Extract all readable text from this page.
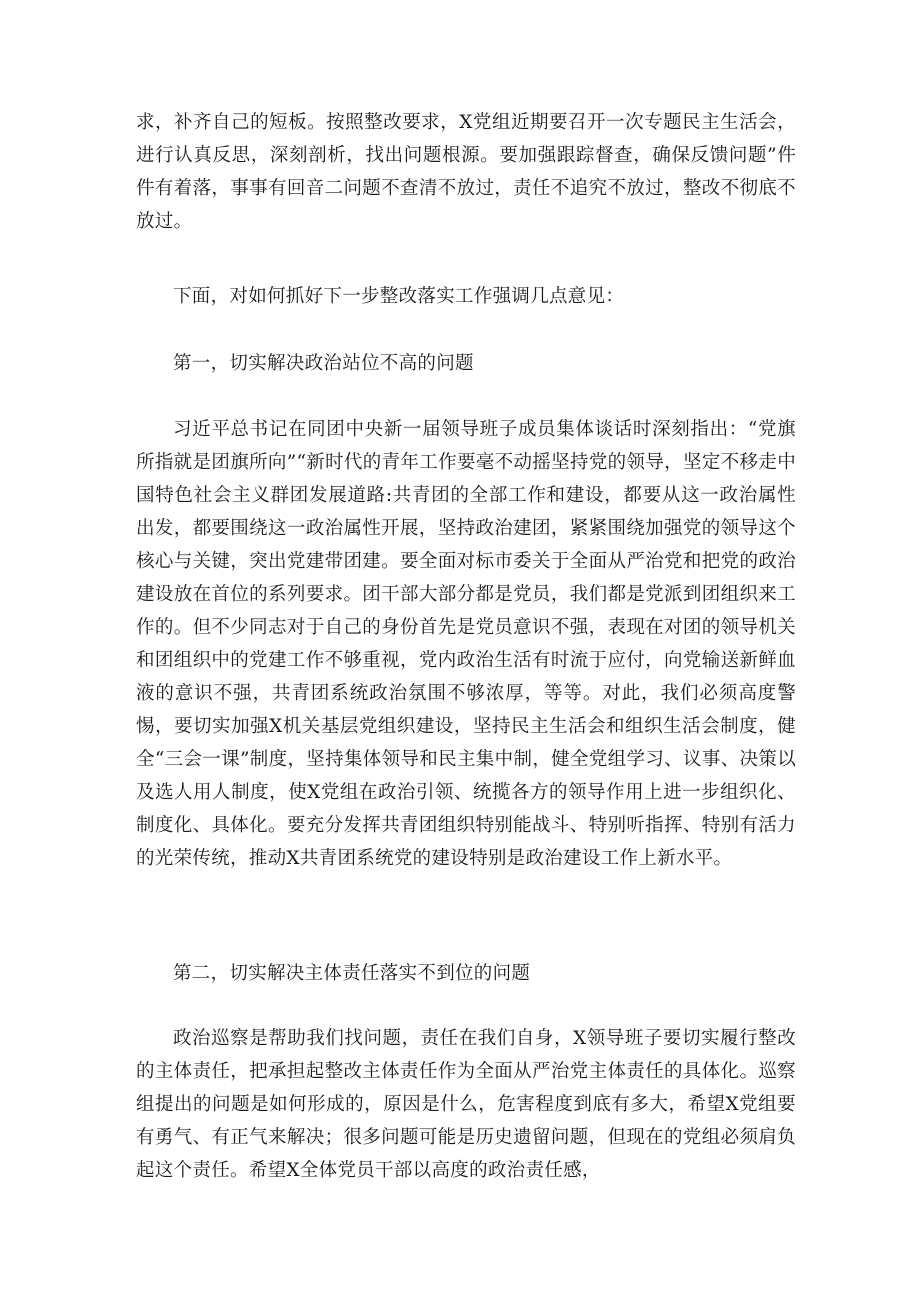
求，补齐自己的短板。按照整改要求，X党组近期要召开一次专题民主生活会，进行认真反思，深刻剖析，找出问题根源。要加强跟踪督查，确保反馈问题”件件有着落，事事有回音二问题不查清不放过，责任不追究不放过，整改不彻底不放过。

下面，对如何抓好下一步整改落实工作强调几点意见：

第一，切实解决政治站位不高的问题

习近平总书记在同团中央新一届领导班子成员集体谈话时深刻指出：“党旗所指就是团旗所向”“新时代的青年工作要毫不动摇坚持党的领导，坚定不移走中国特色社会主义群团发展道路:共青团的全部工作和建设，都要从这一政治属性出发，都要围绕这一政治属性开展，坚持政治建团，紧紧围绕加强党的领导这个核心与关键，突出党建带团建。要全面对标市委关于全面从严治党和把党的政治建设放在首位的系列要求。团干部大部分都是党员，我们都是党派到团组织来工作的。但不少同志对于自己的身份首先是党员意识不强，表现在对团的领导机关和团组织中的党建工作不够重视，党内政治生活有时流于应付，向党输送新鲜血液的意识不强，共青团系统政治氛围不够浓厚，等等。对此，我们必须高度警惕，要切实加强X机关基层党组织建设，坚持民主生活会和组织生活会制度，健全“三会一课”制度，坚持集体领导和民主集中制，健全党组学习、议事、决策以及选人用人制度，使X党组在政治引领、统揽各方的领导作用上进一步组织化、制度化、具体化。要充分发挥共青团组织特别能战斗、特别听指挥、特别有活力的光荣传统，推动X共青团系统党的建设特别是政治建设工作上新水平。

第二，切实解决主体责任落实不到位的问题

政治巡察是帮助我们找问题，责任在我们自身，X领导班子要切实履行整改的主体责任，把承担起整改主体责任作为全面从严治党主体责任的具体化。巡察组提出的问题是如何形成的，原因是什么，危害程度到底有多大，希望X党组要有勇气、有正气来解决；很多问题可能是历史遗留问题，但现在的党组必须肩负起这个责任。希望X全体党员干部以高度的政治责任感，
